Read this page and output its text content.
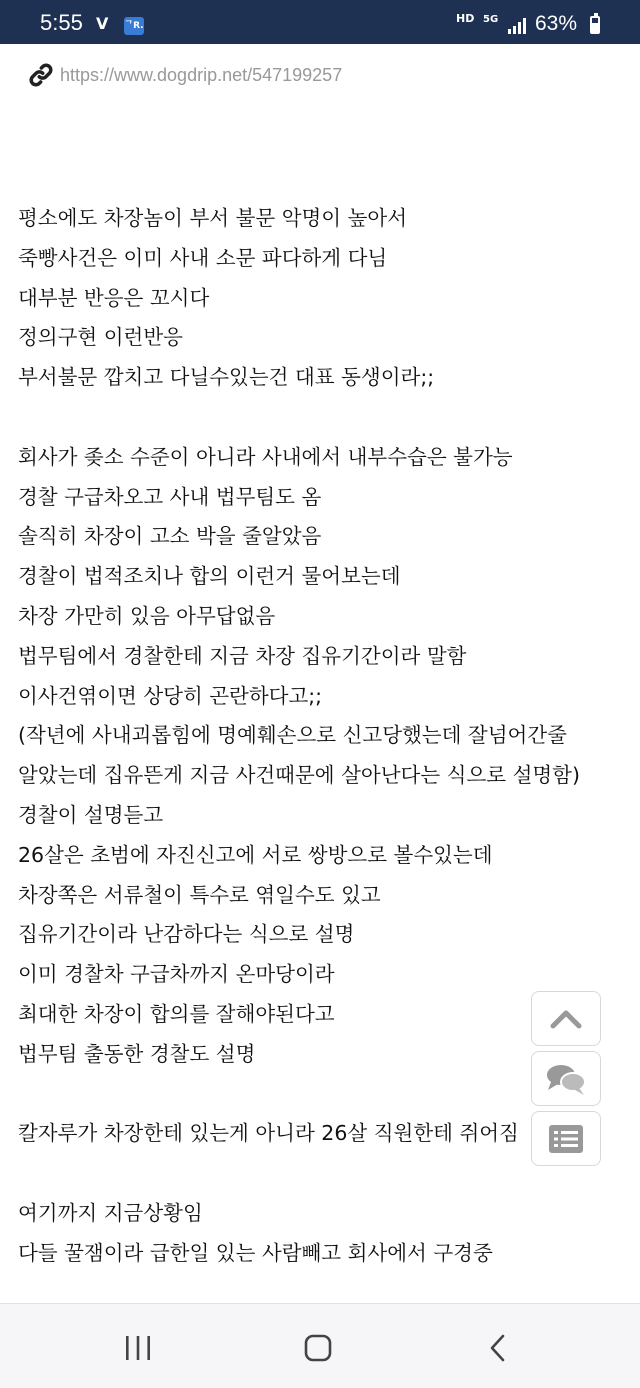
5:55 V ᄀR.
HD 5G 63%
https://www.dogdrip.net/547199257
평소에도 차장놈이 부서 불문 악명이 높아서
죽빵사건은 이미 사내 소문 파다하게 다님
대부분 반응은 꼬시다
정의구현 이런반응
부서불문 깝치고 다닐수있는건 대표 동생이라;;
회사가 좆소 수준이 아니라 사내에서 내부수습은 불가능
경찰 구급차오고 사내 법무팀도 옴
솔직히 차장이 고소 박을 줄알았음
경찰이 법적조치나 합의 이런거 물어보는데
차장 가만히 있음 아무답없음
법무팀에서 경찰한테 지금 차장 집유기간이라 말함
이사건엮이면 상당히 곤란하다고;;
(작년에 사내괴롭힘에 명예훼손으로 신고당했는데 잘넘어간줄
알았는데 집유뜬게 지금 사건때문에 살아난다는 식으로 설명함)
경찰이 설명듣고
26살은 초범에 자진신고에 서로 쌍방으로 볼수있는데
차장쪽은 서류철이 특수로 엮일수도 있고
집유기간이라 난감하다는 식으로 설명
이미 경찰차 구급차까지 온마당이라
최대한 차장이 합의를 잘해야된다고
법무팀 출동한 경찰도 설명
칼자루가 차장한테 있는게 아니라 26살 직원한테 쥐어짐
여기까지 지금상황임
다들 꿀잼이라 급한일 있는 사람빼고 회사에서 구경중
